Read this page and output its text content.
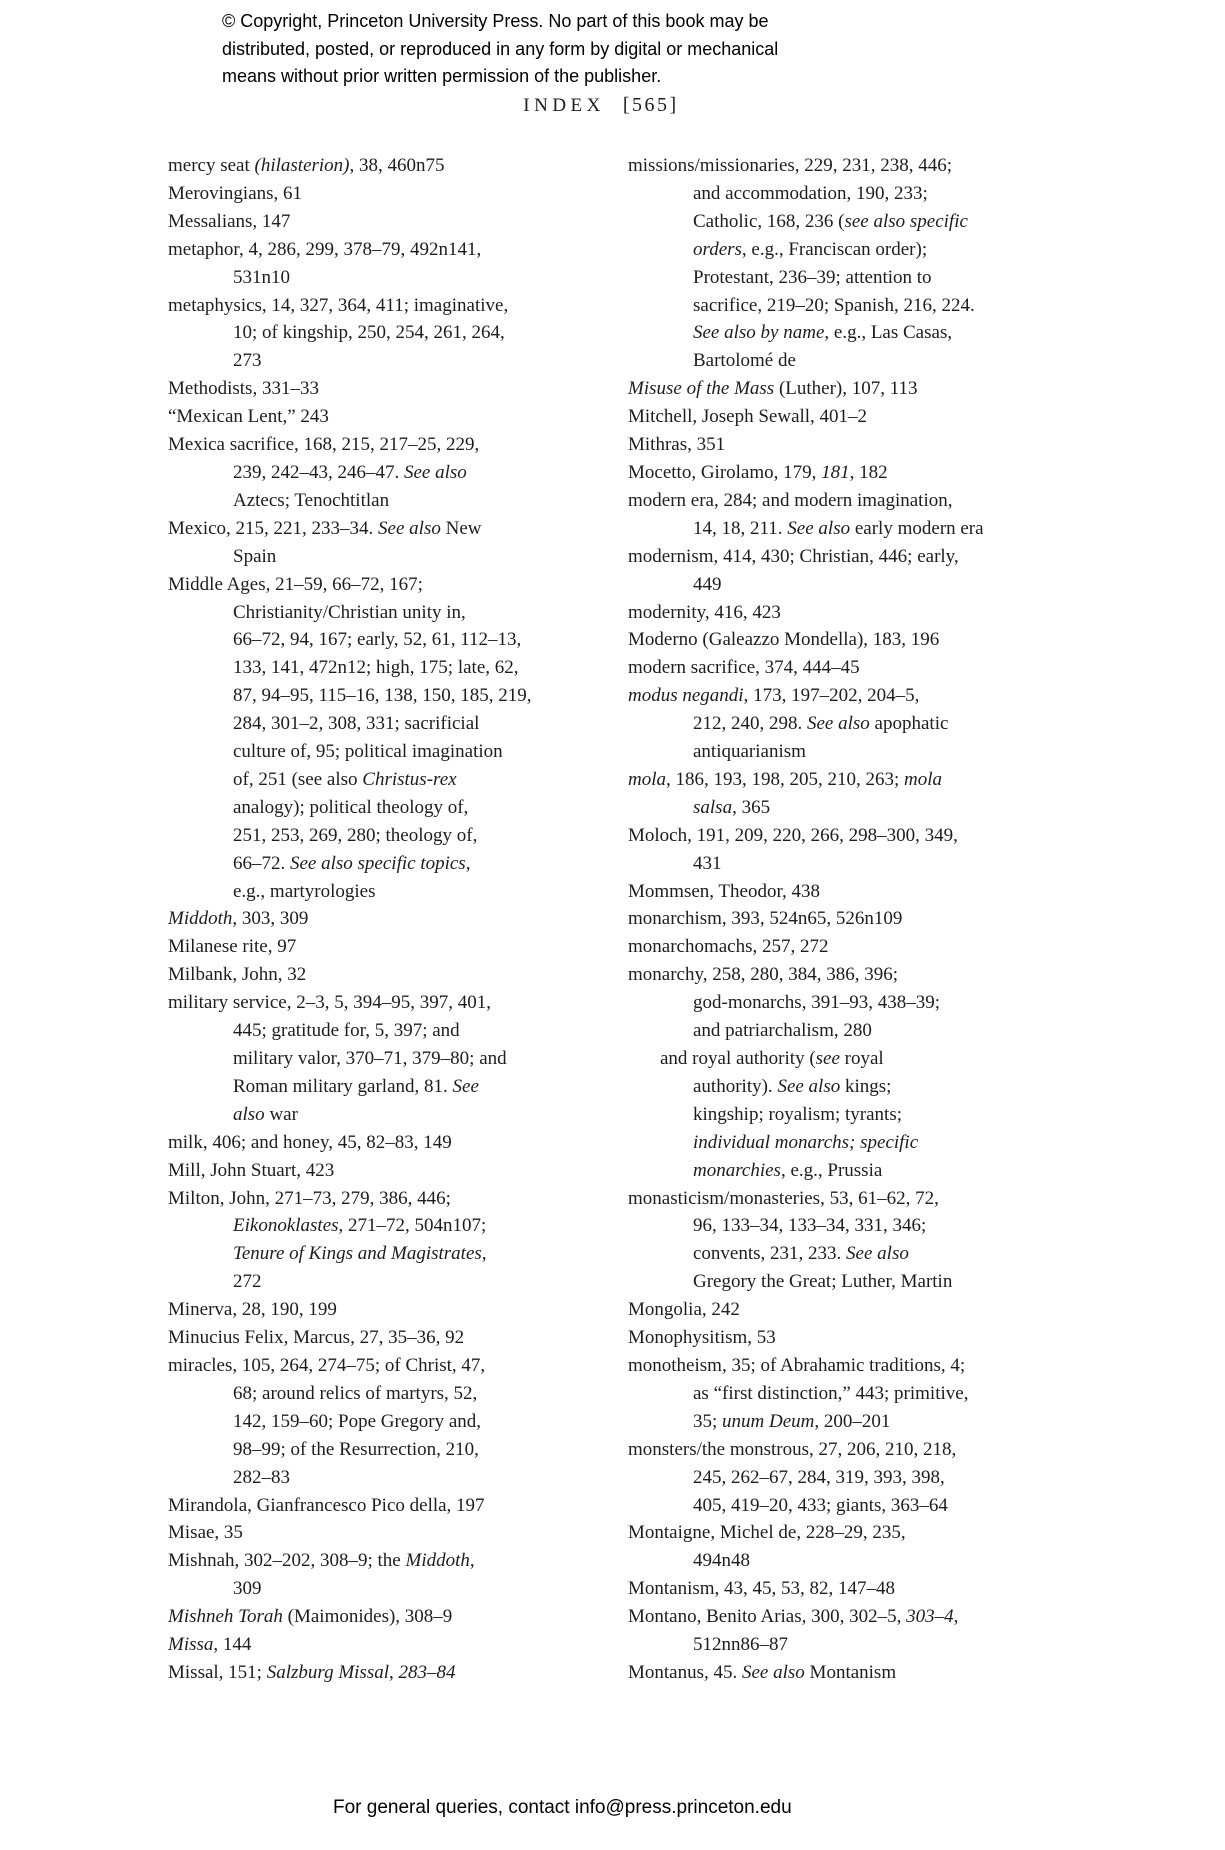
© Copyright, Princeton University Press. No part of this book may be
distributed, posted, or reproduced in any form by digital or mechanical
means without prior written permission of the publisher.
INDEX [565]
mercy seat (hilasterion), 38, 460n75
Merovingians, 61
Messalians, 147
metaphor, 4, 286, 299, 378–79, 492n141,
531n10
metaphysics, 14, 327, 364, 411; imaginative,
10; of kingship, 250, 254, 261, 264,
273
Methodists, 331–33
“Mexican Lent,” 243
Mexica sacrifice, 168, 215, 217–25, 229,
239, 242–43, 246–47. See also
Aztecs; Tenochtitlan
Mexico, 215, 221, 233–34. See also New
Spain
Middle Ages, 21–59, 66–72, 167;
Christianity/Christian unity in,
66–72, 94, 167; early, 52, 61, 112–13,
133, 141, 472n12; high, 175; late, 62,
87, 94–95, 115–16, 138, 150, 185, 219,
284, 301–2, 308, 331; sacrificial
culture of, 95; political imagination
of, 251 (see also Christus-rex
analogy); political theology of,
251, 253, 269, 280; theology of,
66–72. See also specific topics,
e.g., martyrologies
Middoth, 303, 309
Milanese rite, 97
Milbank, John, 32
military service, 2–3, 5, 394–95, 397, 401,
445; gratitude for, 5, 397; and
military valor, 370–71, 379–80; and
Roman military garland, 81. See
also war
milk, 406; and honey, 45, 82–83, 149
Mill, John Stuart, 423
Milton, John, 271–73, 279, 386, 446;
Eikonoklastes, 271–72, 504n107;
Tenure of Kings and Magistrates,
272
Minerva, 28, 190, 199
Minucius Felix, Marcus, 27, 35–36, 92
miracles, 105, 264, 274–75; of Christ, 47,
68; around relics of martyrs, 52,
142, 159–60; Pope Gregory and,
98–99; of the Resurrection, 210,
282–83
Mirandola, Gianfrancesco Pico della, 197
Misae, 35
Mishnah, 302–202, 308–9; the Middoth,
309
Mishneh Torah (Maimonides), 308–9
Missa, 144
Missal, 151; Salzburg Missal, 283–84
missions/missionaries, 229, 231, 238, 446;
and accommodation, 190, 233;
Catholic, 168, 236 (see also specific
orders, e.g., Franciscan order);
Protestant, 236–39; attention to
sacrifice, 219–20; Spanish, 216, 224.
See also by name, e.g., Las Casas,
Bartolomé de
Misuse of the Mass (Luther), 107, 113
Mitchell, Joseph Sewall, 401–2
Mithras, 351
Mocetto, Girolamo, 179, 181, 182
modern era, 284; and modern imagination,
14, 18, 211. See also early modern era
modernism, 414, 430; Christian, 446; early,
449
modernity, 416, 423
Moderno (Galeazzo Mondella), 183, 196
modern sacrifice, 374, 444–45
modus negandi, 173, 197–202, 204–5,
212, 240, 298. See also apophatic
antiquarianism
mola, 186, 193, 198, 205, 210, 263; mola
salsa, 365
Moloch, 191, 209, 220, 266, 298–300, 349,
431
Mommsen, Theodor, 438
monarchism, 393, 524n65, 526n109
monarchomachs, 257, 272
monarchy, 258, 280, 384, 386, 396;
god-monarchs, 391–93, 438–39;
and patriarchalism, 280
and royal authority (see royal
authority). See also kings;
kingship; royalism; tyrants;
individual monarchs; specific
monarchies, e.g., Prussia
monasticism/monasteries, 53, 61–62, 72,
96, 133–34, 133–34, 331, 346;
convents, 231, 233. See also
Gregory the Great; Luther, Martin
Mongolia, 242
Monophysitism, 53
monotheism, 35; of Abrahamic traditions, 4;
as “first distinction,” 443; primitive,
35; unum Deum, 200–201
monsters/the monstrous, 27, 206, 210, 218,
245, 262–67, 284, 319, 393, 398,
405, 419–20, 433; giants, 363–64
Montaigne, Michel de, 228–29, 235,
494n48
Montanism, 43, 45, 53, 82, 147–48
Montano, Benito Arias, 300, 302–5, 303–4,
512nn86–87
Montanus, 45. See also Montanism
For general queries, contact info@press.princeton.edu
